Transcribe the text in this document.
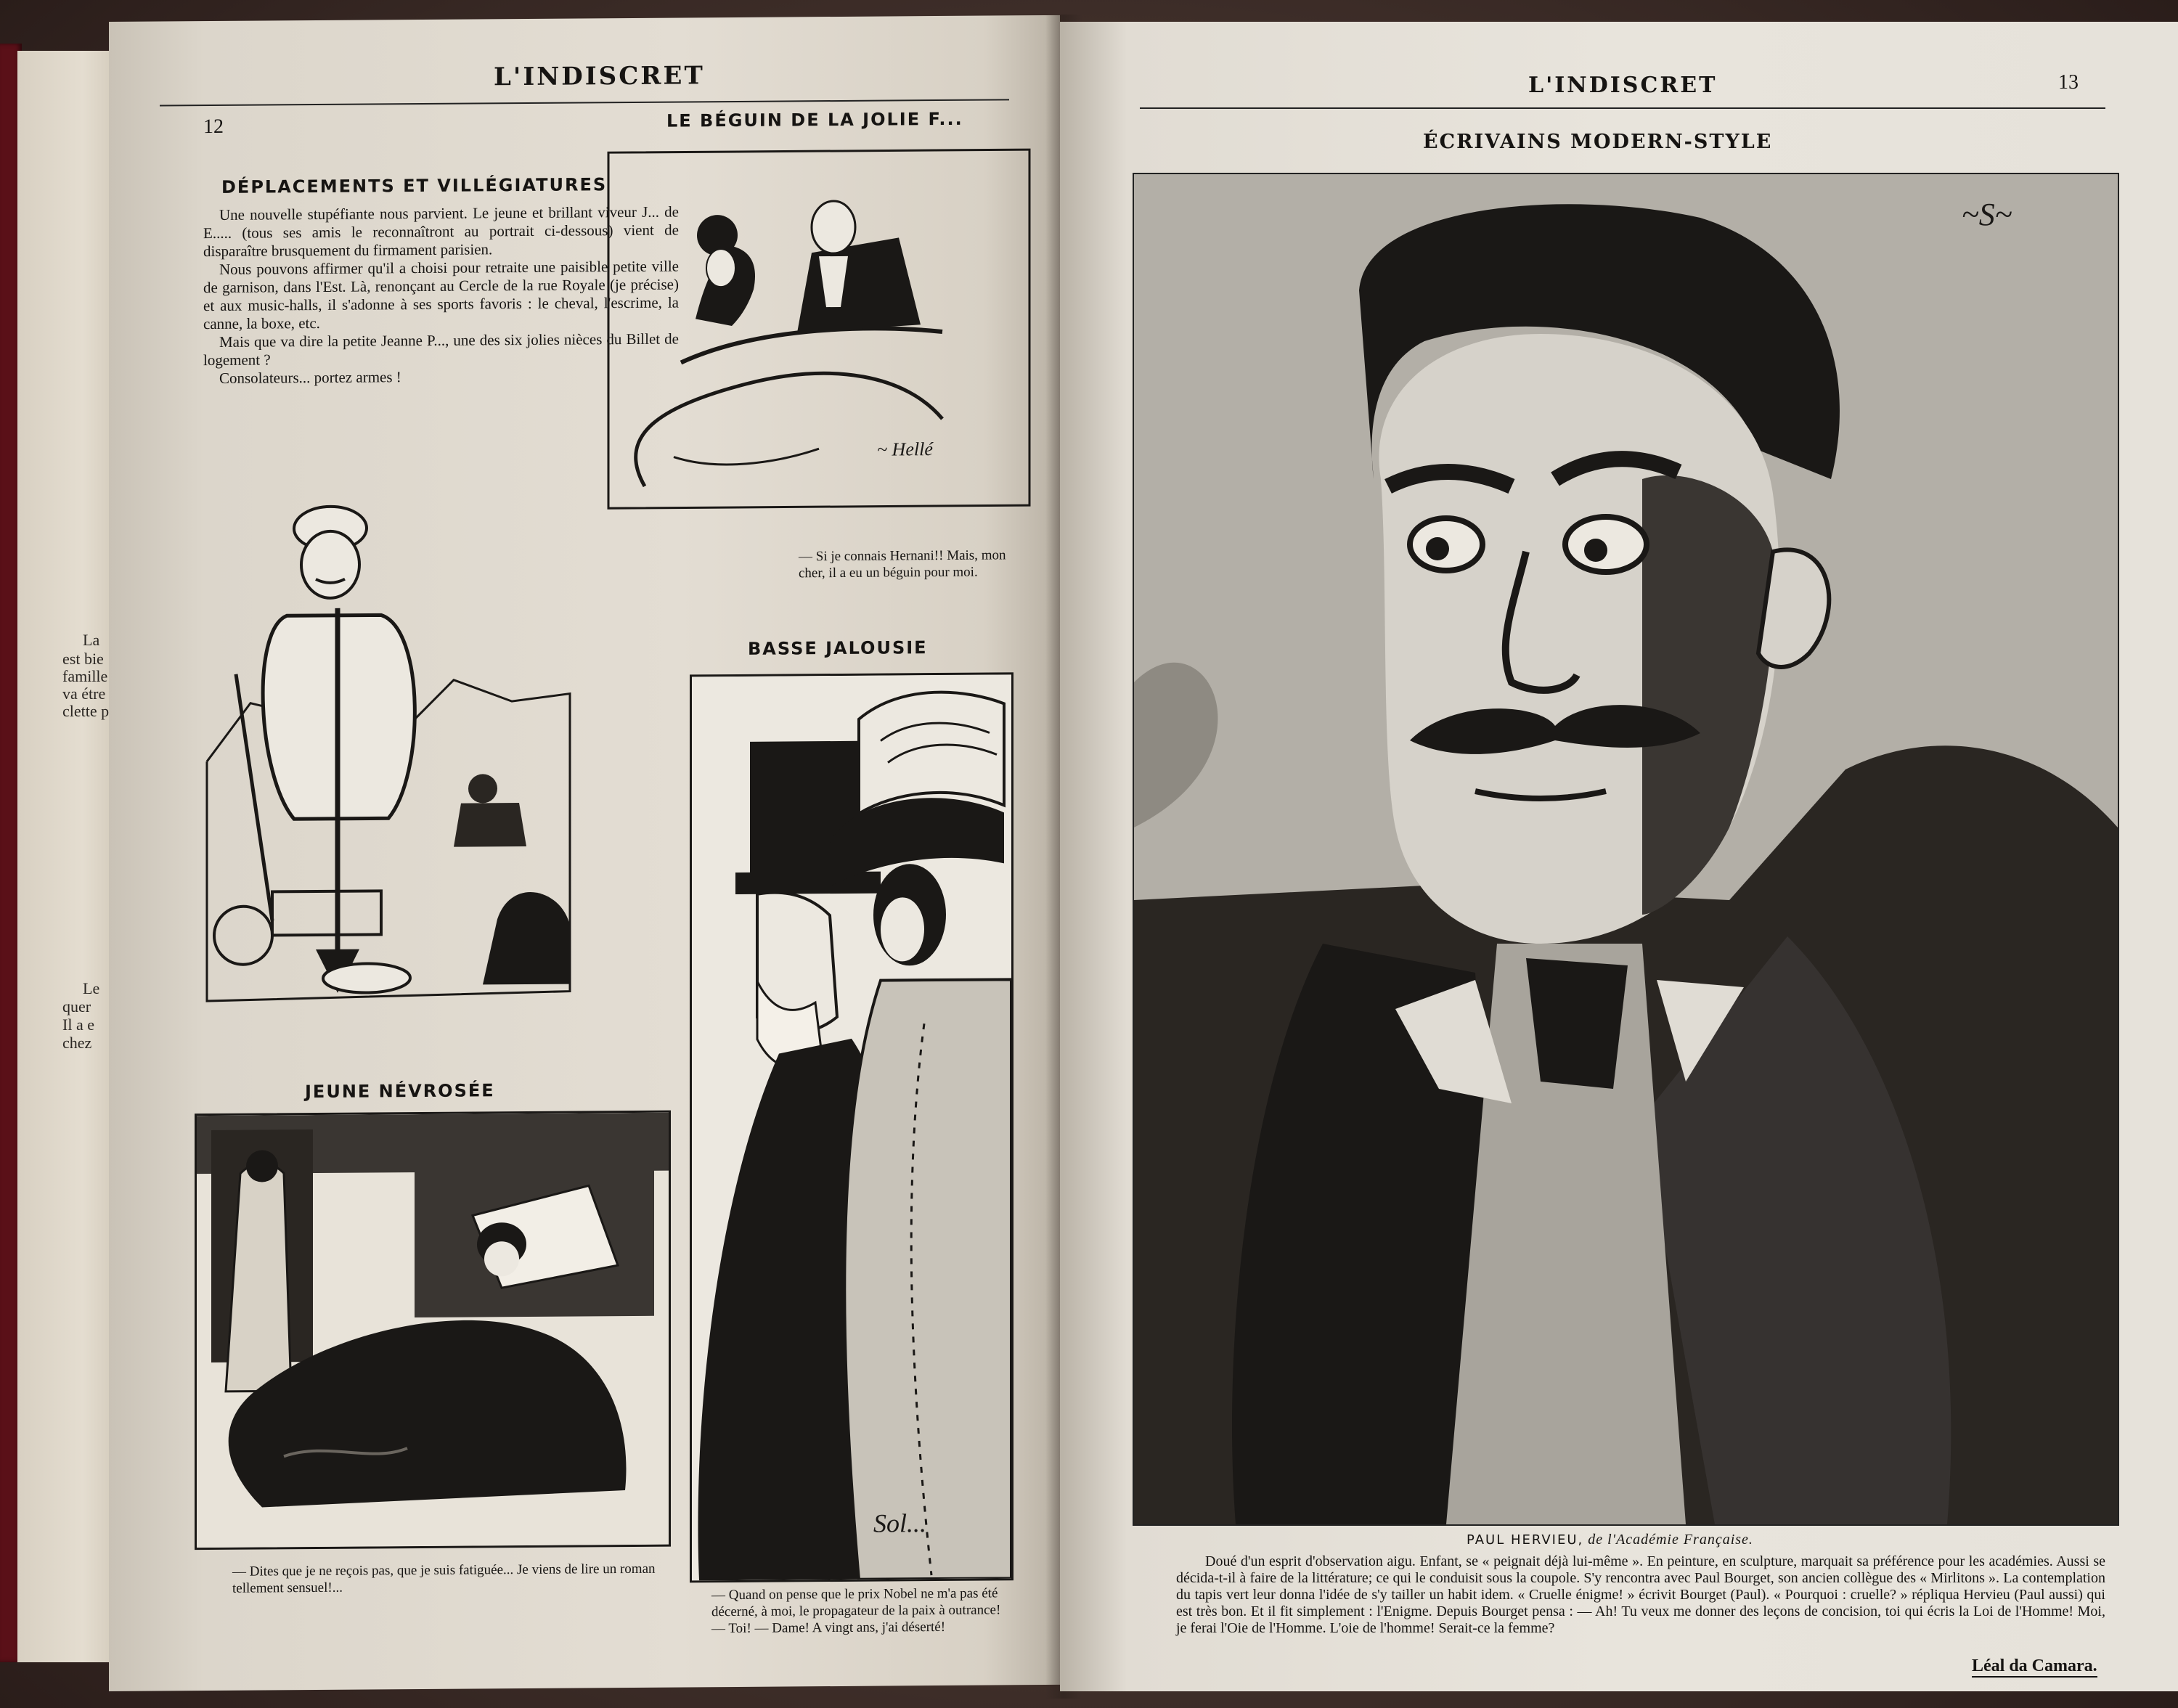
La
est bie
famille
va étre
clette p
Le
quer
Il a e
chez
L'INDISCRET
12
DÉPLACEMENTS ET VILLÉGIATURES

Une nouvelle stupéfiante nous parvient. Le jeune et brillant viveur J... de E..... (tous ses amis le reconnaîtront au portrait ci-dessous) vient de disparaître brusquement du firmament parisien.

Nous pouvons affirmer qu'il a choisi pour retraite une paisible petite ville de garnison, dans l'Est. Là, renonçant au Cercle de la rue Royale (je précise) et aux music-halls, il s'adonne à ses sports favoris : le cheval, l'escrime, la canne, la boxe, etc.

Mais que va dire la petite Jeanne P..., une des six jolies nièces du Billet de logement ?

Consolateurs... portez armes !

LE BÉGUIN DE LA JOLIE F...
~ Hellé
— Si je connais Hernani!! Mais, mon cher, il a eu un béguin pour moi.
JEUNE NÉVROSÉE
— Dites que je ne reçois pas, que je suis fatiguée... Je viens de lire un roman tellement sensuel!...
BASSE JALOUSIE
Sol...
— Quand on pense que le prix Nobel ne m'a pas été décerné, à moi, le propagateur de la paix à outrance! — Toi! — Dame! A vingt ans, j'ai déserté!
L'INDISCRET	13
ÉCRIVAINS MODERN-STYLE
~S~
PAUL HERVIEU, de l'Académie Française.
Doué d'un esprit d'observation aigu. Enfant, se « peignait déjà lui-même ». En peinture, en sculpture, marquait sa préférence pour les académies. Aussi se décida-t-il à faire de la littérature; ce qui le conduisit sous la coupole. S'y rencontra avec Paul Bourget, son ancien collègue des « Mirlitons ». La contemplation du tapis vert leur donna l'idée de s'y tailler un habit idem. « Cruelle énigme! » écrivit Bourget (Paul). « Pourquoi : cruelle? » répliqua Hervieu (Paul aussi) qui est très bon. Et il fit simplement : l'Enigme. Depuis Bourget pensa : — Ah! Tu veux me donner des leçons de concision, toi qui écris la Loi de l'Homme! Moi, je ferai l'Oie de l'Homme. L'oie de l'homme! Serait-ce la femme?
Léal da Camara.
